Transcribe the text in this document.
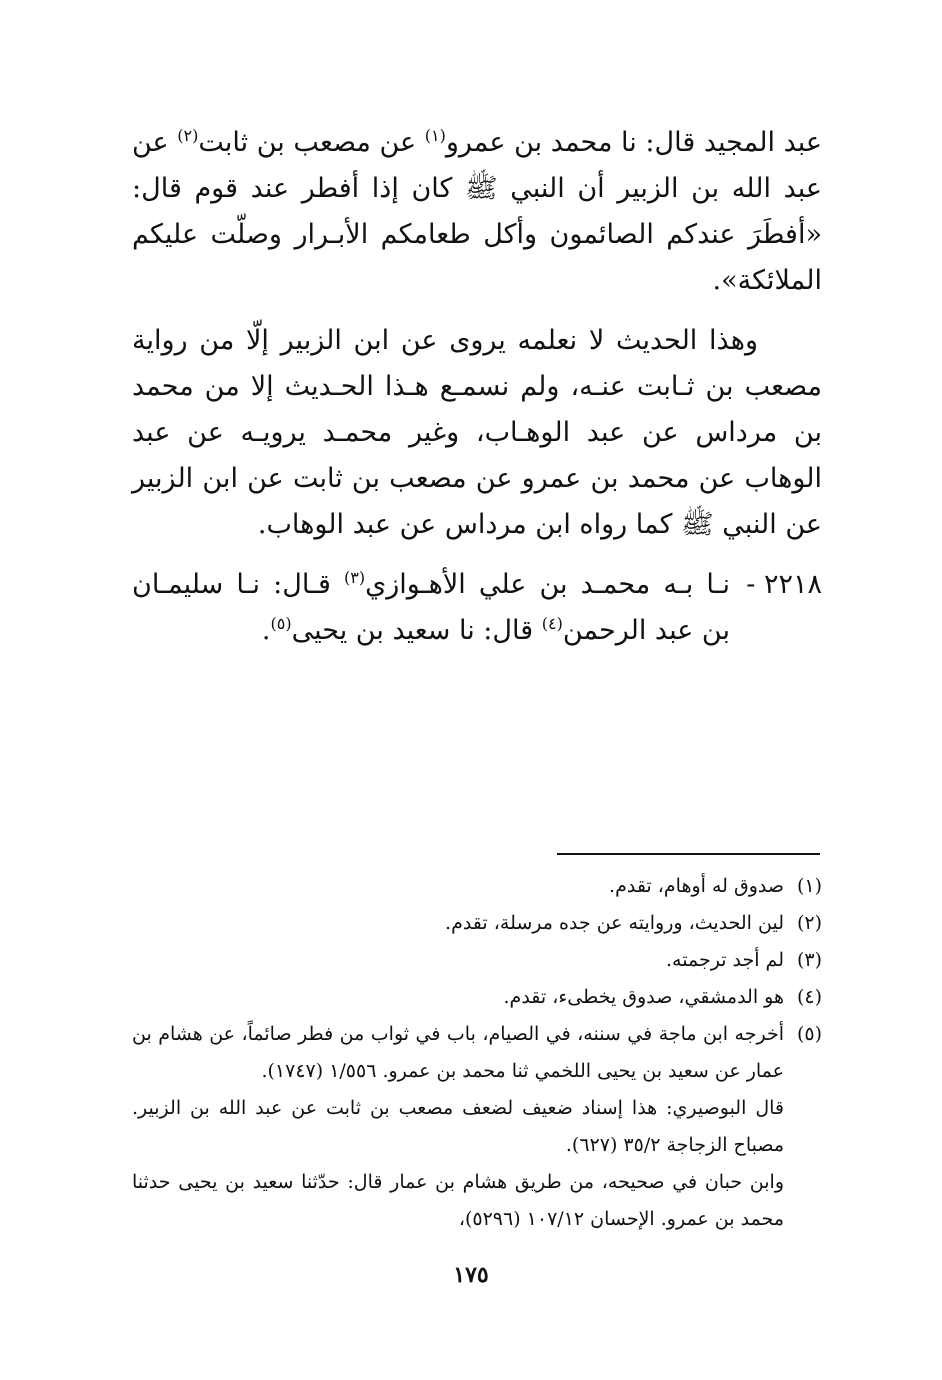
عبد المجيد قال: نا محمد بن عمرو$^{(١)}$ عن مصعب بن ثابت$^{(٢)}$ عن عبد الله بن الزبير أن النبي ﷺ كان إذا أفطر عند قوم قال: «أفطَرَ عندكم الصائمون وأكل طعامكم الأبـرار وصلّت عليكم الملائكة».

وهذا الحديث لا نعلمه يروى عن ابن الزبير إلّا من رواية مصعب بن ثـابت عنـه، ولم نسمـع هـذا الحـديث إلا من محمد بن مرداس عن عبد الوهـاب، وغير محمـد يرويـه عن عبد الوهاب عن محمد بن عمرو عن مصعب بن ثابت عن ابن الزبير عن النبي ﷺ كما رواه ابن مرداس عن عبد الوهاب.

٢٢١٨ -
نـا بـه محمـد بن علي الأهـوازي$^{(٣)}$ قـال: نـا سليمـان بن عبد الرحمن$^{(٤)}$ قال: نا سعيد بن يحيى$^{(٥)}$.

(١)
صدوق له أوهام، تقدم.

(٢)
لين الحديث، وروايته عن جده مرسلة، تقدم.

(٣)
لم أجد ترجمته.

(٤)
هو الدمشقي، صدوق يخطىء، تقدم.

(٥)
أخرجه ابن ماجة في سننه، في الصيام، باب في ثواب من فطر صائماً، عن هشام بن عمار عن سعيد بن يحيى اللخمي ثنا محمد بن عمرو. ١/٥٥٦ (١٧٤٧).

قال البوصيري: هذا إسناد ضعيف لضعف مصعب بن ثابت عن عبد الله بن الزبير. مصباح الزجاجة ٣٥/٢ (٦٢٧).

وابن حبان في صحيحه، من طريق هشام بن عمار قال: حدّثنا سعيد بن يحيى حدثنا محمد بن عمرو. الإحسان ١٠٧/١٢ (٥٢٩٦)،

١٧٥
